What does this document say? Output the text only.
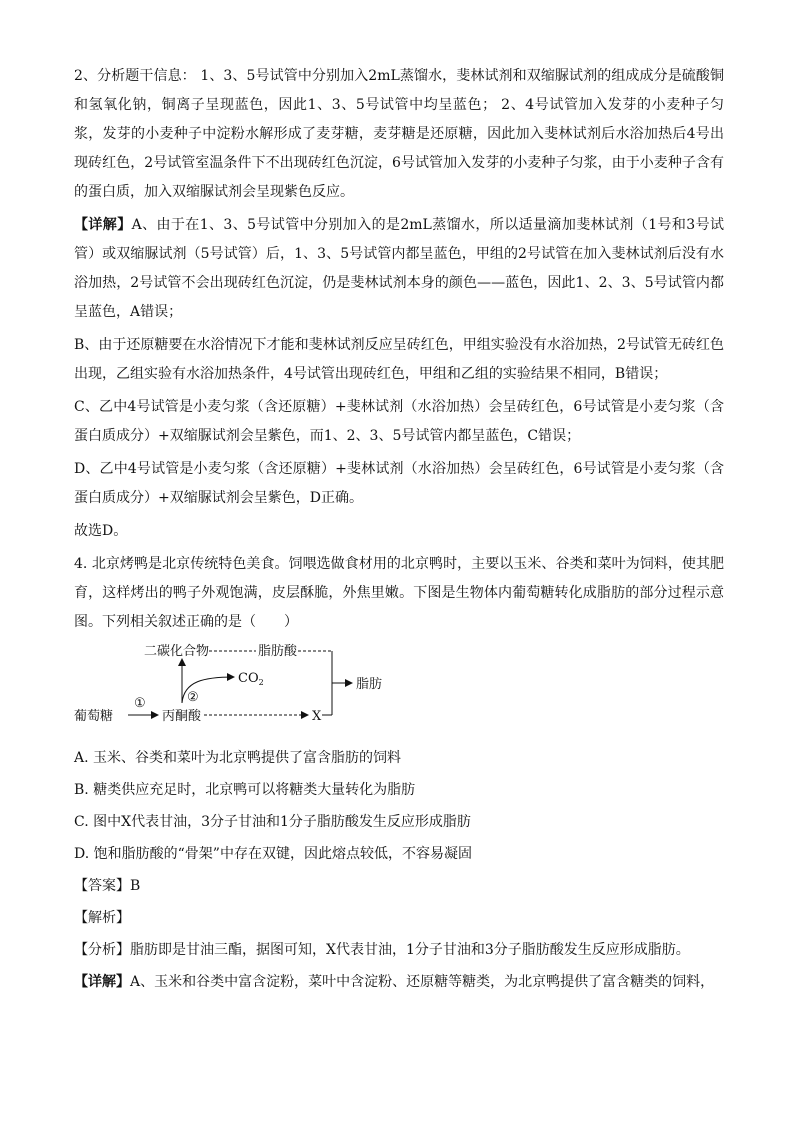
2、分析题干信息： 1、3、5号试管中分别加入2mL蒸馏水，斐林试剂和双缩脲试剂的组成成分是硫酸铜和氢氧化钠，铜离子呈现蓝色，因此1、3、5号试管中均呈蓝色； 2、4号试管加入发芽的小麦种子匀浆，发芽的小麦种子中淀粉水解形成了麦芽糖，麦芽糖是还原糖，因此加入斐林试剂后水浴加热后4号出现砖红色，2号试管室温条件下不出现砖红色沉淀，6号试管加入发芽的小麦种子匀浆，由于小麦种子含有的蛋白质，加入双缩脲试剂会呈现紫色反应。

【详解】A、由于在1、3、5号试管中分别加入的是2mL蒸馏水，所以适量滴加斐林试剂（1号和3号试管）或双缩脲试剂（5号试管）后，1、3、5号试管内都呈蓝色，甲组的2号试管在加入斐林试剂后没有水浴加热，2号试管不会出现砖红色沉淀，仍是斐林试剂本身的颜色——蓝色，因此1、2、3、5号试管内都呈蓝色，A错误；

B、由于还原糖要在水浴情况下才能和斐林试剂反应呈砖红色，甲组实验没有水浴加热，2号试管无砖红色出现，乙组实验有水浴加热条件，4号试管出现砖红色，甲组和乙组的实验结果不相同，B错误；

C、乙中4号试管是小麦匀浆（含还原糖）+斐林试剂（水浴加热）会呈砖红色，6号试管是小麦匀浆（含蛋白质成分）+双缩脲试剂会呈紫色，而1、2、3、5号试管内都呈蓝色，C错误；

D、乙中4号试管是小麦匀浆（含还原糖）+斐林试剂（水浴加热）会呈砖红色，6号试管是小麦匀浆（含蛋白质成分）+双缩脲试剂会呈紫色，D正确。

故选D。

4. 北京烤鸭是北京传统特色美食。饲喂选做食材用的北京鸭时，主要以玉米、谷类和菜叶为饲料，使其肥育，这样烤出的鸭子外观饱满，皮层酥脆，外焦里嫩。下图是生物体内葡萄糖转化成脂肪的部分过程示意图。下列相关叙述正确的是（　　）

二碳化合物	脂肪酸
脂肪
$CO_2$
②
葡萄糖
①
丙酮酸	X

A. 玉米、谷类和菜叶为北京鸭提供了富含脂肪的饲料

B. 糖类供应充足时，北京鸭可以将糖类大量转化为脂肪

C. 图中X代表甘油，3分子甘油和1分子脂肪酸发生反应形成脂肪

D. 饱和脂肪酸的“骨架”中存在双键，因此熔点较低，不容易凝固

【答案】B

【解析】

【分析】脂肪即是甘油三酯，据图可知，X代表甘油，1分子甘油和3分子脂肪酸发生反应形成脂肪。

【详解】A、玉米和谷类中富含淀粉，菜叶中含淀粉、还原糖等糖类，为北京鸭提供了富含糖类的饲料，
